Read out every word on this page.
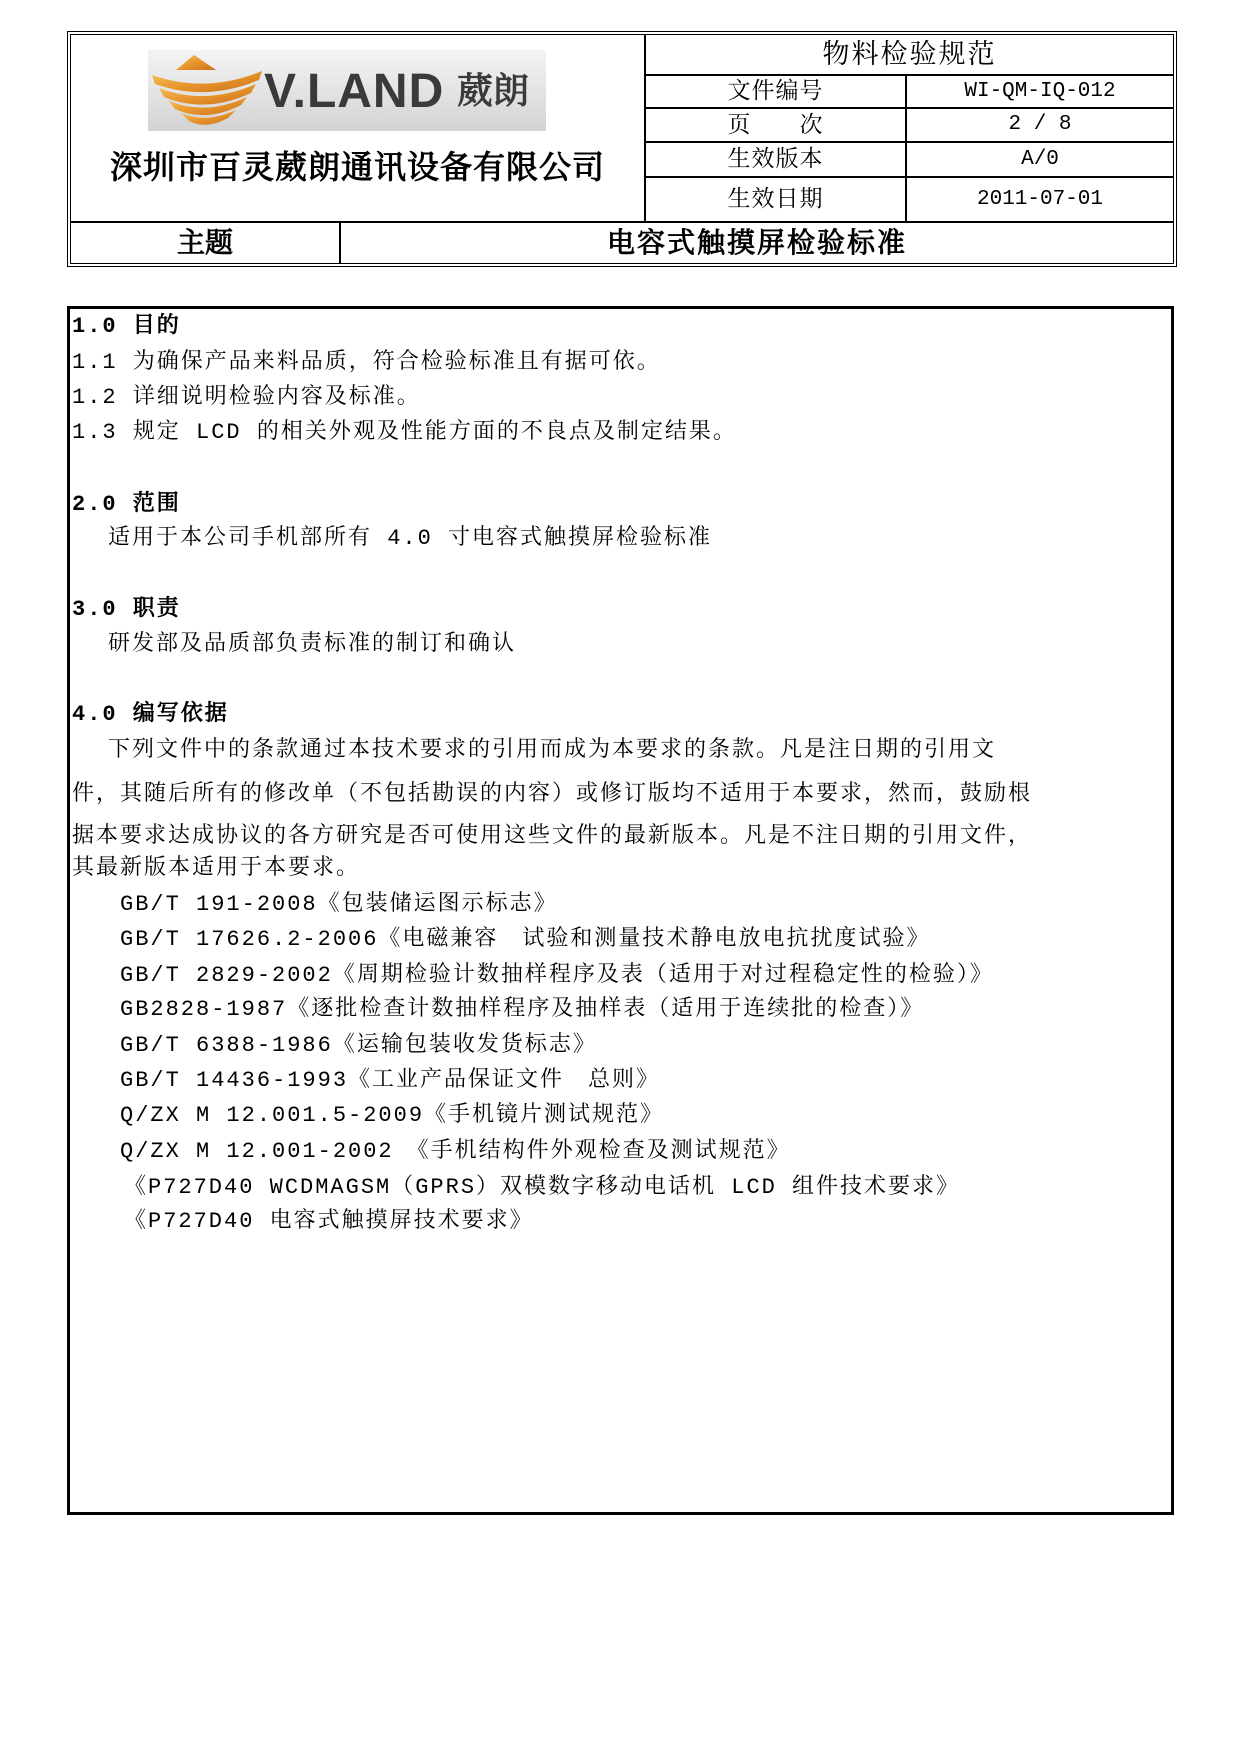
V.LAND 葳朗
深圳市百灵葳朗通讯设备有限公司
物料检验规范
文件编号	WI-QM-IQ-012
页　　次	2 / 8
生效版本	A/0
生效日期	2011-07-01
主题	电容式触摸屏检验标准
1.0 目的
1.1 为确保产品来料品质，符合检验标准且有据可依。
1.2 详细说明检验内容及标准。
1.3 规定 LCD 的相关外观及性能方面的不良点及制定结果。
2.0 范围
适用于本公司手机部所有 4.0 寸电容式触摸屏检验标准
3.0 职责
研发部及品质部负责标准的制订和确认
4.0 编写依据
下列文件中的条款通过本技术要求的引用而成为本要求的条款。凡是注日期的引用文
件，其随后所有的修改单（不包括勘误的内容）或修订版均不适用于本要求，然而，鼓励根
据本要求达成协议的各方研究是否可使用这些文件的最新版本。凡是不注日期的引用文件，
其最新版本适用于本要求。
GB/T 191-2008《包装储运图示标志》
GB/T 17626.2-2006《电磁兼容　试验和测量技术静电放电抗扰度试验》
GB/T 2829-2002《周期检验计数抽样程序及表（适用于对过程稳定性的检验）》
GB2828-1987《逐批检查计数抽样程序及抽样表（适用于连续批的检查）》
GB/T 6388-1986《运输包装收发货标志》
GB/T 14436-1993《工业产品保证文件　总则》
Q/ZX M 12.001.5-2009《手机镜片测试规范》
Q/ZX M 12.001-2002　《手机结构件外观检查及测试规范》
《P727D40 WCDMAGSM（GPRS）双模数字移动电话机 LCD 组件技术要求》
《P727D40 电容式触摸屏技术要求》
